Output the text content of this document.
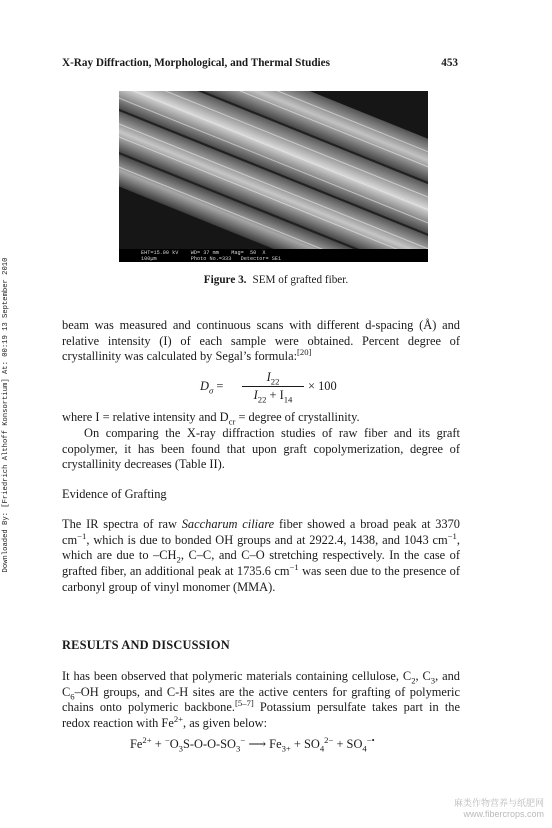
Downloaded By: [Friedrich Althoff Konsortium] At: 00:19 13 September 2010
X-Ray Diffraction, Morphological, and Thermal Studies	453
EHT=15.00 kV    WD= 37 mm    Mag=  50  X
100µm           Photo No.=333   Detector= SE1
Figure 3. SEM of grafted fiber.

beam was measured and continuous scans with different d-spacing (Å) and relative intensity (I) of each sample were obtained. Percent degree of crystallinity was calculated by Segal’s formula:[20]

$D_\sigma$ =
$I_{22}$
$I_{22} + I_{14}$
× 100

where I = relative intensity and $D_{cr}$ = degree of crystallinity.

On comparing the X-ray diffraction studies of raw fiber and its graft copolymer, it has been found that upon graft copolymerization, degree of crystallinity decreases (Table II).

Evidence of Grafting

The IR spectra of raw Saccharum ciliare fiber showed a broad peak at 3370 $cm^{-1}$, which is due to bonded OH groups and at 2922.4, 1438, and 1043 $cm^{-1}$, which are due to $-CH_2$, C–C, and C–O stretching respectively. In the case of grafted fiber, an additional peak at 1735.6 $cm^{-1}$ was seen due to the presence of carbonyl group of vinyl monomer (MMA).

RESULTS AND DISCUSSION

It has been observed that polymeric materials containing cellulose, $C_2$, $C_3$, and $C_6-OH$ groups, and C-H sites are the active centers for grafting of polymeric chains onto polymeric backbone.[5–7] Potassium persulfate takes part in the redox reaction with $Fe^{2+}$, as given below:

$Fe^{2+} + ^-O_3S-O-O-SO_3^-$ ⟶ $Fe_{3+} + SO_4^{2-} + SO_4^{-•}$
麻类作物营养与纸肥网
www.fibercrops.com
